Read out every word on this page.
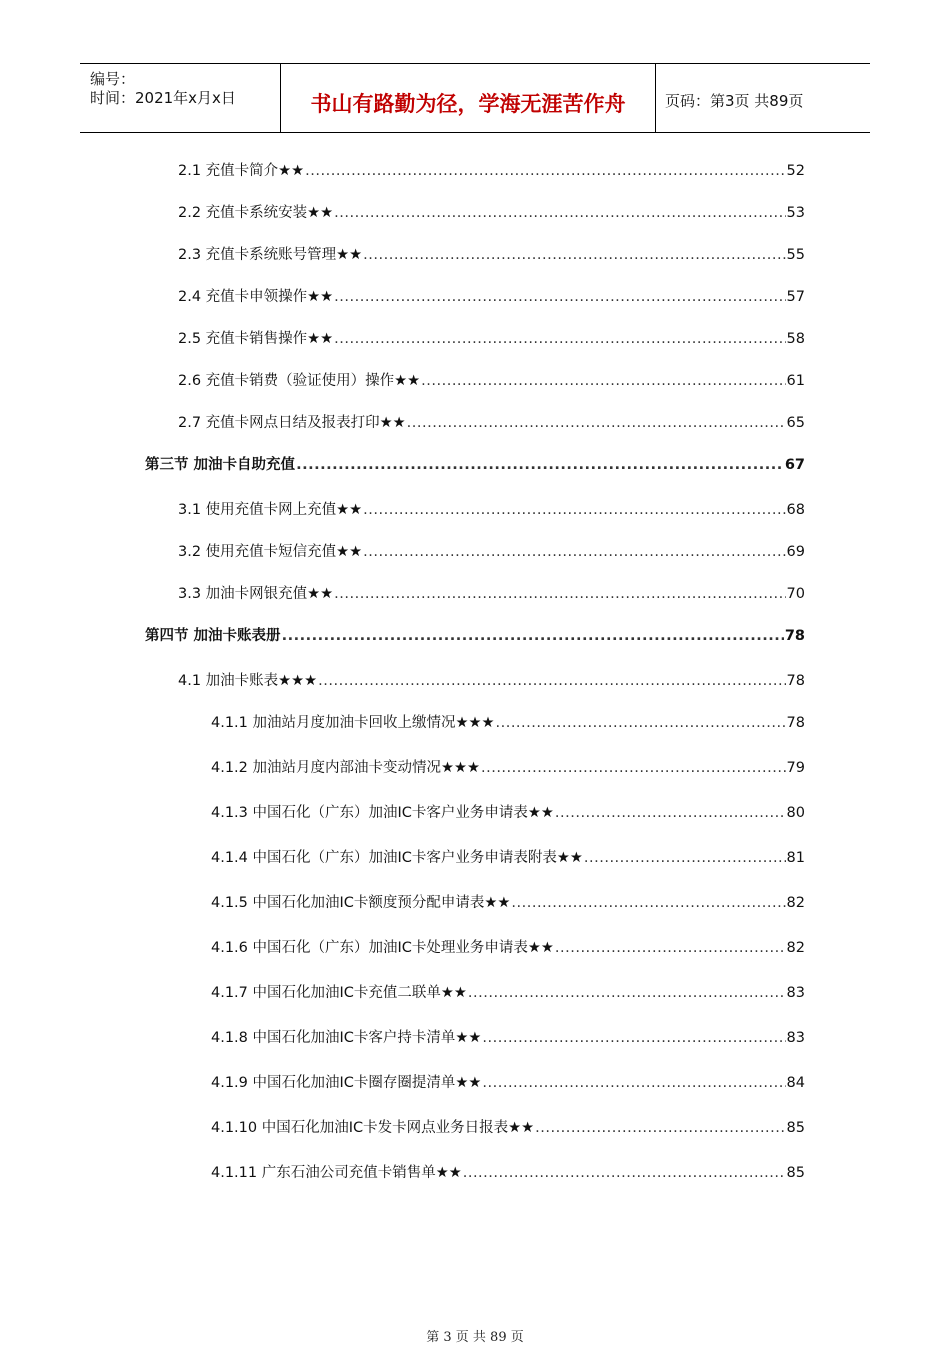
编号：
时间：2021年x月x日	书山有路勤为径，学海无涯苦作舟	页码：第3页 共89页
2.1 充值卡简介★★ .....	52
2.2 充值卡系统安装★★ .....	53
2.3 充值卡系统账号管理★★ .....	55
2.4 充值卡申领操作★★ .....	57
2.5 充值卡销售操作★★ .....	58
2.6 充值卡销费（验证使用）操作★★ .....	61
2.7 充值卡网点日结及报表打印★★ .....	65
第三节 加油卡自助充值 .....	67
3.1 使用充值卡网上充值★★ .....	68
3.2 使用充值卡短信充值★★ .....	69
3.3 加油卡网银充值★★ .....	70
第四节 加油卡账表册 .....	78
4.1 加油卡账表★★★ .....	78
4.1.1 加油站月度加油卡回收上缴情况★★★ .....	78
4.1.2 加油站月度内部油卡变动情况★★★ .....	79
4.1.3 中国石化（广东）加油IC卡客户业务申请表★★ .....	80
4.1.4 中国石化（广东）加油IC卡客户业务申请表附表★★ .....	81
4.1.5 中国石化加油IC卡额度预分配申请表★★ .....	82
4.1.6 中国石化（广东）加油IC卡处理业务申请表★★ .....	82
4.1.7 中国石化加油IC卡充值二联单★★ .....	83
4.1.8 中国石化加油IC卡客户持卡清单★★ .....	83
4.1.9 中国石化加油IC卡圈存圈提清单★★ .....	84
4.1.10 中国石化加油IC卡发卡网点业务日报表★★ .....	85
4.1.11 广东石油公司充值卡销售单★★ .....	85
第 3 页 共 89 页
